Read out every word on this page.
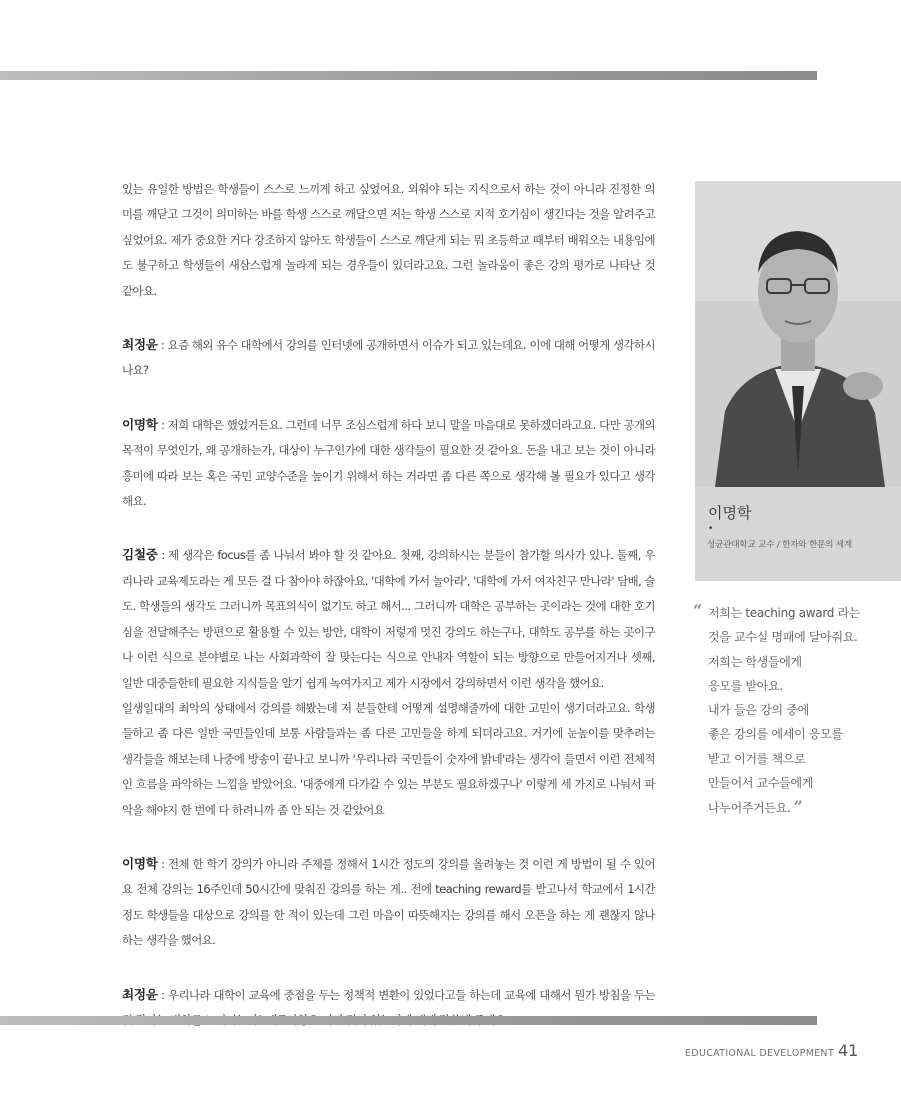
있는 유일한 방법은 학생들이 스스로 느끼게 하고 싶었어요. 외워야 되는 지식으로서 하는 것이 아니라 진정한 의미를 깨닫고 그것이 의미하는 바를 학생 스스로 깨달으면 저는 학생 스스로 지적 호기심이 생긴다는 것을 알려주고 싶었어요. 제가 중요한 거다 강조하지 않아도 학생들이 스스로 깨닫게 되는 뭐 초등학교 때부터 배워오는 내용임에도 불구하고 학생들이 새삼스럽게 놀라게 되는 경우들이 있더라고요. 그런 놀라움이 좋은 강의 평가로 나타난 것 같아요.

최정윤 : 요즘 해외 유수 대학에서 강의를 인터넷에 공개하면서 이슈가 되고 있는데요. 이에 대해 어떻게 생각하시나요?

이명학 : 저희 대학은 했었거든요. 그런데 너무 조심스럽게 하다 보니 말을 마음대로 못하겠더라고요. 다만 공개의 목적이 무엇인가, 왜 공개하는가, 대상이 누구인가에 대한 생각들이 필요한 것 같아요. 돈을 내고 보는 것이 아니라 흥미에 따라 보는 혹은 국민 교양수준을 높이기 위해서 하는 거라면 좀 다른 쪽으로 생각해 볼 필요가 있다고 생각해요.

김철중 : 제 생각은 focus를 좀 나눠서 봐야 할 것 같아요. 첫째, 강의하시는 분들이 참가할 의사가 있나. 둘째, 우리나라 교육제도라는 게 모든 걸 다 참아야 하잖아요. '대학에 가서 놀아라', '대학에 가서 여자친구 만나라' 담배, 술도. 학생들의 생각도 그러니까 목표의식이 없기도 하고 해서... 그러니까 대학은 공부하는 곳이라는 것에 대한 호기심을 전달해주는 방편으로 활용할 수 있는 방안, 대학이 저렇게 멋진 강의도 하는구나, 대학도 공부를 하는 곳이구나 이런 식으로 분야별로 나는 사회과학이 잘 맞는다는 식으로 안내자 역할이 되는 방향으로 만들어지거나 셋째, 일반 대중들한테 필요한 지식들을 알기 쉽게 녹여가지고 제가 시장에서 강의하면서 이런 생각을 했어요.

일생일대의 최악의 상태에서 강의를 해봤는데 저 분들한테 어떻게 설명해줄까에 대한 고민이 생기더라고요. 학생들하고 좀 다른 일반 국민들인데 보통 사람들과는 좀 다른 고민들을 하게 되더라고요. 거기에 눈높이를 맞추려는 생각들을 해보는데 나중에 방송이 끝나고 보니까 '우리나라 국민들이 숫자에 밝네'라는 생각이 들면서 이런 전체적인 흐름을 파악하는 느낌을 받았어요. '대중에게 다가갈 수 있는 부분도 필요하겠구나' 이렇게 세 가지로 나눠서 파악을 해야지 한 번에 다 하려니까 좀 안 되는 것 같았어요

이명학 : 전체 한 학기 강의가 아니라 주제를 정해서 1시간 정도의 강의를 올려놓는 것 이런 게 방법이 될 수 있어요 전체 강의는 16주인데 50시간에 맞춰진 강의를 하는 게.. 전에 teaching reward를 받고나서 학교에서 1시간 정도 학생들을 대상으로 강의를 한 적이 있는데 그런 마음이 따뜻해지는 강의를 해서 오픈을 하는 게 괜찮지 않나 하는 생각을 했어요.

최정윤 : 우리나라 대학이 교육에 중점을 두는 정책적 변환이 있었다고들 하는데 교육에 대해서 뭔가 방침을 두는

이명학
•
성균관대학교 교수 / 한자와 한문의 세계
“ 저희는 teaching award 라는
것을 교수실 명패에 달아줘요.
저희는 학생들에게
응모를 받아요.
내가 들은 강의 중에
좋은 강의를 에세이 응모를
받고 이거를 책으로
만들어서 교수들에게
나누어주거든요. ”
EDUCATIONAL DEVELOPMENT 41
